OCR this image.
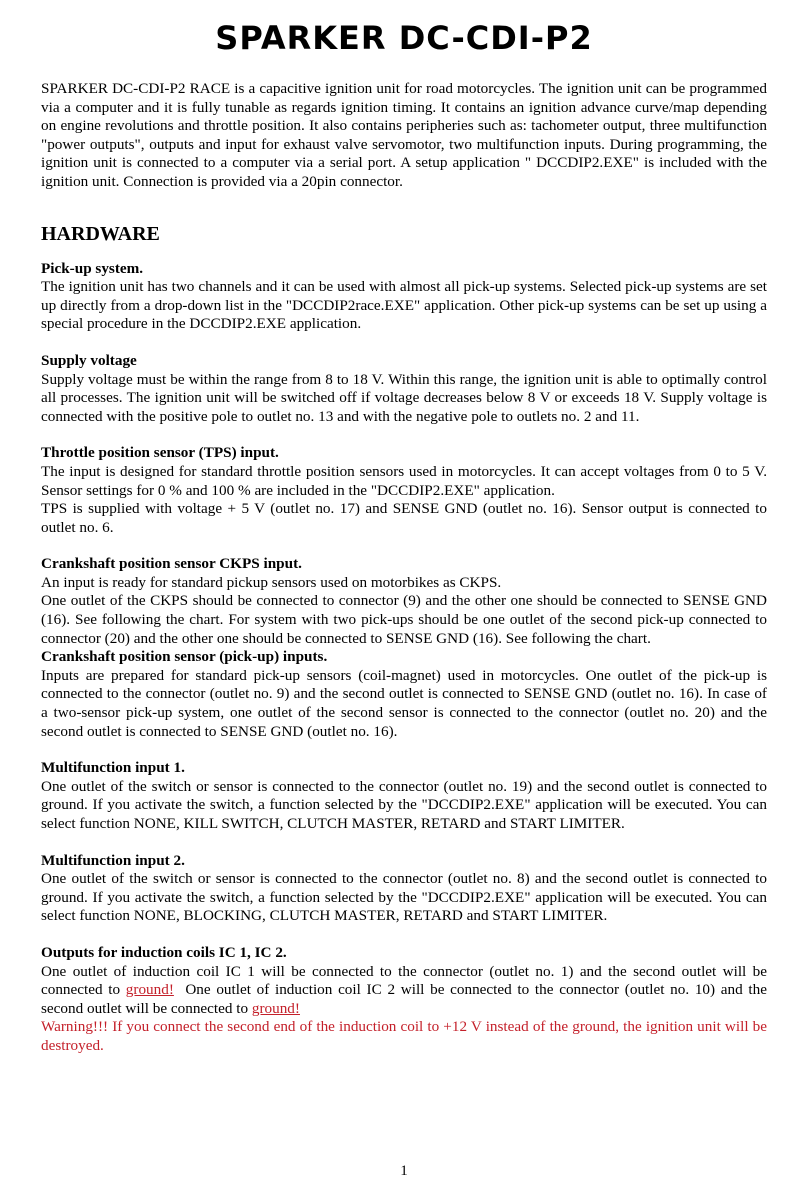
SPARKER DC-CDI-P2

SPARKER DC-CDI-P2 RACE is a capacitive ignition unit for road motorcycles. The ignition unit can be programmed via a computer and it is fully tunable as regards ignition timing. It contains an ignition advance curve/map depending on engine revolutions and throttle position. It also contains peripheries such as: tachometer output, three multifunction "power outputs", outputs and input for exhaust valve servomotor, two multifunction inputs. During programming, the ignition unit is connected to a computer via a serial port. A setup application " DCCDIP2.EXE" is included with the ignition unit. Connection is provided via a 20pin connector.

HARDWARE
Pick-up system.

The ignition unit has two channels and it can be used with almost all pick-up systems. Selected pick-up systems are set up directly from a drop-down list in the "DCCDIP2race.EXE" application. Other pick-up systems can be set up using a special procedure in the DCCDIP2.EXE application.

Supply voltage

Supply voltage must be within the range from 8 to 18 V. Within this range, the ignition unit is able to optimally control all processes. The ignition unit will be switched off if voltage decreases below 8 V or exceeds 18 V. Supply voltage is connected with the positive pole to outlet no. 13 and with the negative pole to outlets no. 2 and 11.

Throttle position sensor (TPS) input.

The input is designed for standard throttle position sensors used in motorcycles. It can accept voltages from 0 to 5 V. Sensor settings for 0 % and 100 % are included in the "DCCDIP2.EXE" application.

TPS is supplied with voltage + 5 V (outlet no. 17) and SENSE GND (outlet no. 16). Sensor output is connected to outlet no. 6.

Crankshaft position sensor CKPS input.

An input is ready for standard pickup sensors used on motorbikes as CKPS.

One outlet of the CKPS should be connected to connector (9) and the other one should be connected to SENSE GND (16). See following the chart. For system with two pick-ups should be one outlet of the second pick-up connected to connector (20) and the other one should be connected to SENSE GND (16). See following the chart.

Crankshaft position sensor (pick-up) inputs.

Inputs are prepared for standard pick-up sensors (coil-magnet) used in motorcycles. One outlet of the pick-up is connected to the connector (outlet no. 9) and the second outlet is connected to SENSE GND (outlet no. 16). In case of a two-sensor pick-up system, one outlet of the second sensor is connected to the connector (outlet no. 20) and the second outlet is connected to SENSE GND (outlet no. 16).

Multifunction input 1.

One outlet of the switch or sensor is connected to the connector (outlet no. 19) and the second outlet is connected to ground. If you activate the switch, a function selected by the "DCCDIP2.EXE" application will be executed. You can select function NONE, KILL SWITCH, CLUTCH MASTER, RETARD and START LIMITER.

Multifunction input 2.

One outlet of the switch or sensor is connected to the connector (outlet no. 8) and the second outlet is connected to ground. If you activate the switch, a function selected by the "DCCDIP2.EXE" application will be executed. You can select function NONE, BLOCKING, CLUTCH MASTER, RETARD and START LIMITER.

Outputs for induction coils IC 1, IC 2.

One outlet of induction coil IC 1 will be connected to the connector (outlet no. 1) and the second outlet will be connected to ground!  One outlet of induction coil IC 2 will be connected to the connector (outlet no. 10) and the second outlet will be connected to ground!

Warning!!! If you connect the second end of the induction coil to +12 V instead of the ground, the ignition unit will be destroyed.

1
